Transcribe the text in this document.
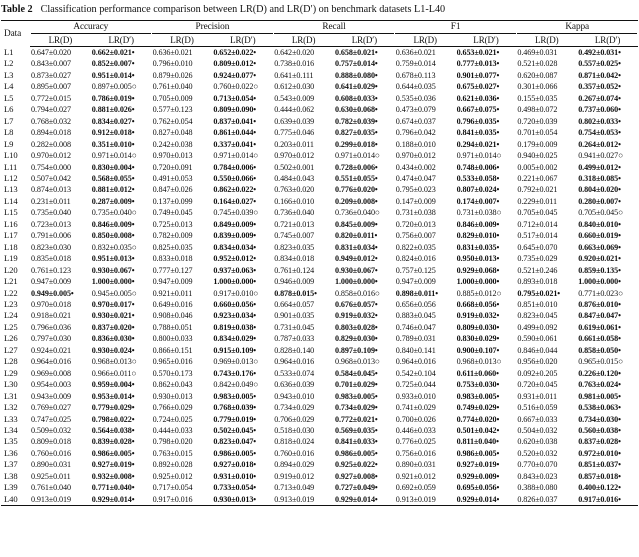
Table 2 Classification performance comparison between LR(D) and LR(D′) on benchmark datasets L1-L40
Data	Accuracy		Precision		Recall		F1		Kappa	
	LR(D)	LR(D′)	LR(D)	LR(D′)	LR(D)	LR(D′)	LR(D)	LR(D′)	LR(D)	LR(D′)
L1	0.647±0.020	0.662±0.021•	0.636±0.021	0.652±0.022•	0.642±0.020	0.658±0.021•	0.636±0.021	0.653±0.021•	0.469±0.031	0.492±0.031•
L2	0.843±0.007	0.852±0.007•	0.796±0.010	0.809±0.012•	0.738±0.016	0.757±0.014•	0.759±0.014	0.777±0.013•	0.521±0.028	0.557±0.025•
L3	0.873±0.027	0.951±0.014•	0.879±0.026	0.924±0.077•	0.641±0.111	0.888±0.080•	0.678±0.113	0.901±0.077•	0.620±0.087	0.871±0.042•
L4	0.895±0.007	0.897±0.005○	0.761±0.040	0.760±0.022○	0.612±0.030	0.641±0.029•	0.644±0.035	0.675±0.027•	0.301±0.066	0.357±0.052•
L5	0.772±0.015	0.786±0.019•	0.705±0.009	0.713±0.054•	0.543±0.009	0.608±0.033•	0.535±0.036	0.621±0.036•	0.155±0.035	0.267±0.074•
L6	0.794±0.027	0.881±0.026•	0.577±0.123	0.809±0.090•	0.444±0.062	0.630±0.068•	0.473±0.079	0.667±0.075•	0.498±0.072	0.737±0.060•
L7	0.768±0.032	0.834±0.027•	0.762±0.054	0.837±0.041•	0.639±0.039	0.782±0.039•	0.674±0.037	0.796±0.035•	0.720±0.039	0.802±0.033•
L8	0.894±0.018	0.912±0.018•	0.827±0.048	0.861±0.044•	0.775±0.046	0.827±0.035•	0.796±0.042	0.841±0.035•	0.701±0.054	0.754±0.053•
L9	0.282±0.008	0.351±0.010•	0.242±0.038	0.337±0.041•	0.203±0.011	0.299±0.018•	0.188±0.010	0.294±0.021•	0.179±0.009	0.264±0.012•
L10	0.970±0.012	0.971±0.014○	0.970±0.013	0.971±0.014○	0.970±0.012	0.971±0.014○	0.970±0.012	0.971±0.014○	0.940±0.025	0.941±0.027○
L11	0.754±0.000	0.830±0.004•	0.720±0.091	0.784±0.006•	0.502±0.001	0.728±0.006•	0.434±0.002	0.748±0.006•	0.005±0.002	0.499±0.012•
L12	0.507±0.042	0.568±0.055•	0.491±0.053	0.550±0.066•	0.484±0.043	0.551±0.055•	0.474±0.047	0.533±0.058•	0.221±0.067	0.318±0.085•
L13	0.874±0.013	0.881±0.012•	0.847±0.026	0.862±0.022•	0.763±0.020	0.776±0.020•	0.795±0.023	0.807±0.024•	0.792±0.021	0.804±0.020•
L14	0.231±0.011	0.287±0.009•	0.137±0.099	0.164±0.027•	0.166±0.010	0.209±0.008•	0.147±0.009	0.174±0.007•	0.229±0.011	0.280±0.007•
L15	0.735±0.040	0.735±0.040○	0.749±0.045	0.745±0.039○	0.736±0.040	0.736±0.040○	0.731±0.038	0.731±0.038○	0.705±0.045	0.705±0.045○
L16	0.723±0.013	0.846±0.009•	0.725±0.013	0.849±0.009•	0.721±0.013	0.845±0.009•	0.720±0.013	0.846±0.009•	0.712±0.014	0.840±0.010•
L17	0.791±0.006	0.850±0.008•	0.782±0.009	0.839±0.009•	0.745±0.007	0.820±0.011•	0.756±0.007	0.829±0.010•	0.517±0.014	0.660±0.019•
L18	0.823±0.030	0.832±0.035○	0.825±0.035	0.834±0.034•	0.823±0.035	0.831±0.034•	0.822±0.035	0.831±0.035•	0.645±0.070	0.663±0.069•
L19	0.835±0.018	0.951±0.013•	0.833±0.018	0.952±0.012•	0.834±0.018	0.949±0.012•	0.824±0.016	0.950±0.013•	0.735±0.029	0.920±0.021•
L20	0.761±0.123	0.930±0.067•	0.777±0.127	0.937±0.063•	0.761±0.124	0.930±0.067•	0.757±0.125	0.929±0.068•	0.521±0.246	0.859±0.135•
L21	0.947±0.009	1.000±0.000•	0.947±0.009	1.000±0.000•	0.946±0.009	1.000±0.000•	0.947±0.009	1.000±0.000•	0.893±0.018	1.000±0.000•
L22	0.949±0.005•	0.945±0.005○	0.921±0.011	0.917±0.010○	0.878±0.015•	0.858±0.016○	0.898±0.011•	0.885±0.012○	0.795±0.021•	0.771±0.023○
L23	0.970±0.018	0.970±0.017•	0.649±0.016	0.660±0.056•	0.664±0.057	0.676±0.057•	0.656±0.056	0.668±0.056•	0.851±0.010	0.876±0.010•
L24	0.918±0.021	0.930±0.021•	0.908±0.046	0.923±0.034•	0.901±0.035	0.919±0.032•	0.883±0.045	0.919±0.032•	0.823±0.045	0.847±0.047•
L25	0.796±0.036	0.837±0.020•	0.788±0.051	0.819±0.038•	0.731±0.045	0.803±0.028•	0.746±0.047	0.809±0.030•	0.499±0.092	0.619±0.061•
L26	0.797±0.030	0.836±0.030•	0.800±0.033	0.834±0.029•	0.787±0.033	0.829±0.030•	0.789±0.031	0.830±0.029•	0.590±0.061	0.661±0.058•
L27	0.924±0.021	0.930±0.024•	0.866±0.151	0.915±0.109•	0.828±0.140	0.897±0.109•	0.840±0.141	0.900±0.107•	0.846±0.044	0.858±0.050•
L28	0.964±0.016	0.968±0.013○	0.965±0.016	0.969±0.013○	0.964±0.016	0.968±0.013○	0.964±0.016	0.968±0.013○	0.956±0.020	0.965±0.015○
L29	0.969±0.008	0.966±0.011○	0.570±0.173	0.743±0.176•	0.533±0.074	0.584±0.045•	0.542±0.104	0.611±0.060•	0.092±0.205	0.226±0.120•
L30	0.954±0.003	0.959±0.004•	0.862±0.043	0.842±0.049○	0.636±0.039	0.701±0.029•	0.725±0.044	0.753±0.030•	0.720±0.045	0.763±0.024•
L31	0.943±0.009	0.953±0.014•	0.930±0.013	0.983±0.005•	0.943±0.010	0.983±0.005•	0.933±0.010	0.983±0.005•	0.931±0.011	0.981±0.005•
L32	0.769±0.027	0.779±0.029•	0.766±0.029	0.768±0.039•	0.734±0.029	0.734±0.029•	0.741±0.029	0.749±0.029•	0.516±0.059	0.538±0.063•
L33	0.747±0.025	0.798±0.022•	0.724±0.025	0.779±0.019•	0.706±0.029	0.772±0.021•	0.700±0.026	0.774±0.020•	0.667±0.033	0.734±0.030•
L34	0.509±0.032	0.564±0.038•	0.444±0.033	0.502±0.045•	0.518±0.030	0.569±0.035•	0.446±0.033	0.501±0.042•	0.504±0.032	0.560±0.038•
L35	0.809±0.018	0.839±0.028•	0.798±0.020	0.823±0.047•	0.818±0.024	0.841±0.033•	0.776±0.025	0.811±0.040•	0.620±0.038	0.837±0.028•
L36	0.760±0.016	0.986±0.005•	0.763±0.015	0.986±0.005•	0.760±0.016	0.986±0.005•	0.756±0.016	0.986±0.005•	0.520±0.032	0.972±0.010•
L37	0.890±0.031	0.927±0.019•	0.892±0.028	0.927±0.018•	0.894±0.029	0.925±0.022•	0.890±0.031	0.927±0.019•	0.770±0.070	0.851±0.037•
L38	0.925±0.011	0.932±0.008•	0.925±0.012	0.931±0.010•	0.919±0.012	0.927±0.008•	0.921±0.012	0.929±0.009•	0.843±0.023	0.857±0.018•
L39	0.761±0.040	0.771±0.040•	0.717±0.054	0.733±0.054•	0.713±0.049	0.727±0.049•	0.692±0.059	0.695±0.056•	0.388±0.080	0.400±0.122•
L40	0.913±0.019	0.929±0.014•	0.917±0.016	0.930±0.013•	0.913±0.019	0.929±0.014•	0.913±0.019	0.929±0.014•	0.826±0.037	0.917±0.016•
